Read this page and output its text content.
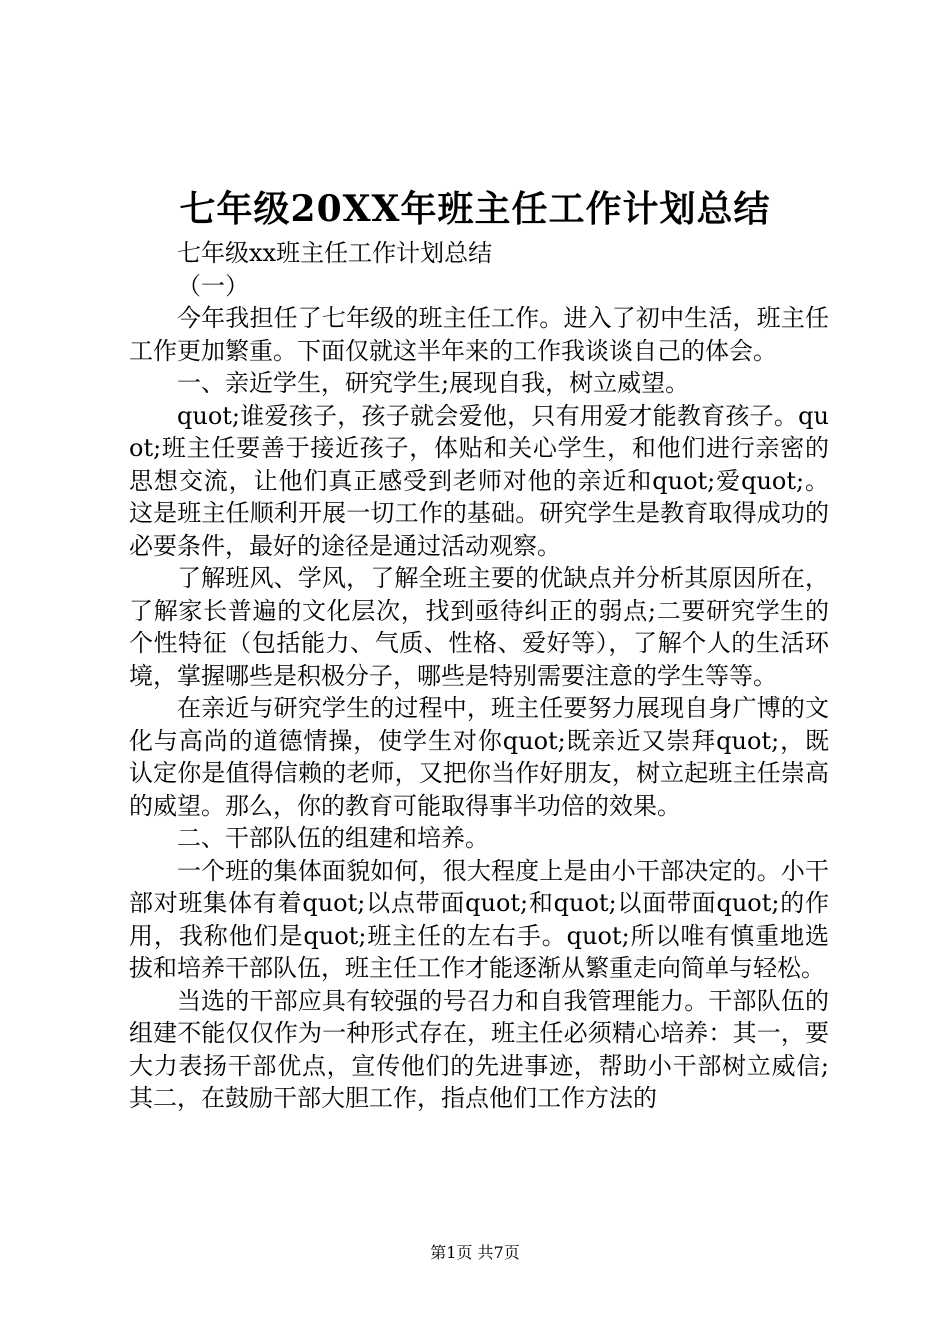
七年级20XX年班主任工作计划总结

七年级xx班主任工作计划总结

（一）

今年我担任了七年级的班主任工作。进入了初中生活，班主任工作更加繁重。下面仅就这半年来的工作我谈谈自己的体会。

一、亲近学生，研究学生;展现自我，树立威望。

quot;谁爱孩子，孩子就会爱他，只有用爱才能教育孩子。quot;班主任要善于接近孩子，体贴和关心学生，和他们进行亲密的思想交流，让他们真正感受到老师对他的亲近和quot;爱quot;。这是班主任顺利开展一切工作的基础。研究学生是教育取得成功的必要条件，最好的途径是通过活动观察。

了解班风、学风，了解全班主要的优缺点并分析其原因所在，了解家长普遍的文化层次，找到亟待纠正的弱点;二要研究学生的个性特征（包括能力、气质、性格、爱好等），了解个人的生活环境，掌握哪些是积极分子，哪些是特别需要注意的学生等等。

在亲近与研究学生的过程中，班主任要努力展现自身广博的文化与高尚的道德情操，使学生对你quot;既亲近又崇拜quot;，既认定你是值得信赖的老师，又把你当作好朋友，树立起班主任崇高的威望。那么，你的教育可能取得事半功倍的效果。

二、干部队伍的组建和培养。

一个班的集体面貌如何，很大程度上是由小干部决定的。小干部对班集体有着quot;以点带面quot;和quot;以面带面quot;的作用，我称他们是quot;班主任的左右手。quot;所以唯有慎重地选拔和培养干部队伍，班主任工作才能逐渐从繁重走向简单与轻松。

当选的干部应具有较强的号召力和自我管理能力。干部队伍的组建不能仅仅作为一种形式存在，班主任必须精心培养：其一，要大力表扬干部优点，宣传他们的先进事迹，帮助小干部树立威信;其二，在鼓励干部大胆工作，指点他们工作方法的

第1页 共7页
